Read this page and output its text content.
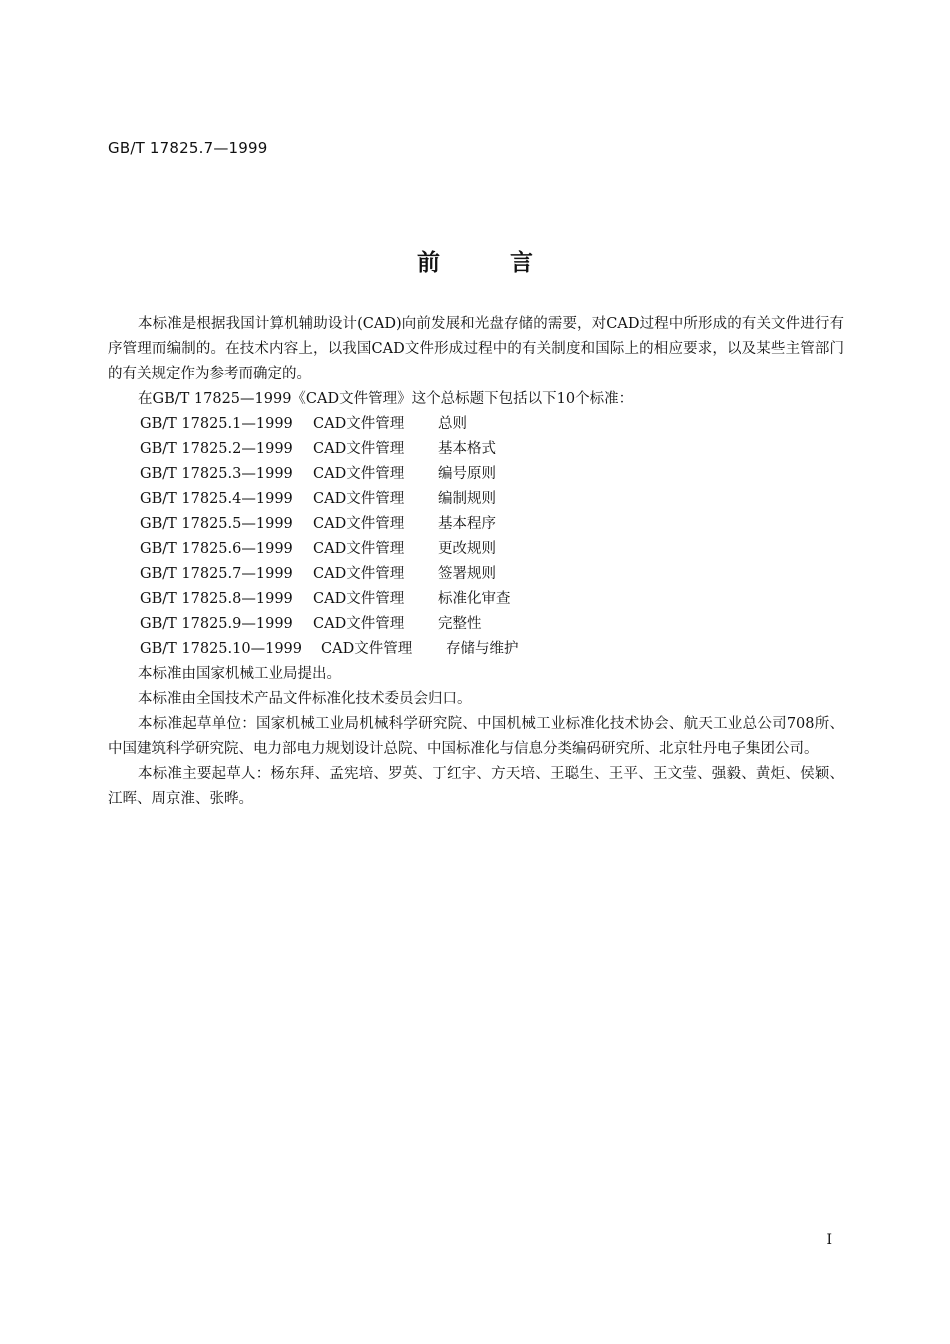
GB/T 17825.7—1999
前言

本标准是根据我国计算机辅助设计(CAD)向前发展和光盘存储的需要，对CAD过程中所形成的有关文件进行有序管理而编制的。在技术内容上，以我国CAD文件形成过程中的有关制度和国际上的相应要求，以及某些主管部门的有关规定作为参考而确定的。

在GB/T 17825—1999《CAD文件管理》这个总标题下包括以下10个标准：

GB/T 17825.1—1999 CAD文件管理 总则
GB/T 17825.2—1999 CAD文件管理 基本格式
GB/T 17825.3—1999 CAD文件管理 编号原则
GB/T 17825.4—1999 CAD文件管理 编制规则
GB/T 17825.5—1999 CAD文件管理 基本程序
GB/T 17825.6—1999 CAD文件管理 更改规则
GB/T 17825.7—1999 CAD文件管理 签署规则
GB/T 17825.8—1999 CAD文件管理 标准化审查
GB/T 17825.9—1999 CAD文件管理 完整性
GB/T 17825.10—1999 CAD文件管理 存储与维护

本标准由国家机械工业局提出。

本标准由全国技术产品文件标准化技术委员会归口。

本标准起草单位：国家机械工业局机械科学研究院、中国机械工业标准化技术协会、航天工业总公司708所、中国建筑科学研究院、电力部电力规划设计总院、中国标准化与信息分类编码研究所、北京牡丹电子集团公司。

本标准主要起草人：杨东拜、孟宪培、罗英、丁红宇、方天培、王聪生、王平、王文莹、强毅、黄炬、侯颖、江晖、周京淮、张晔。

I
